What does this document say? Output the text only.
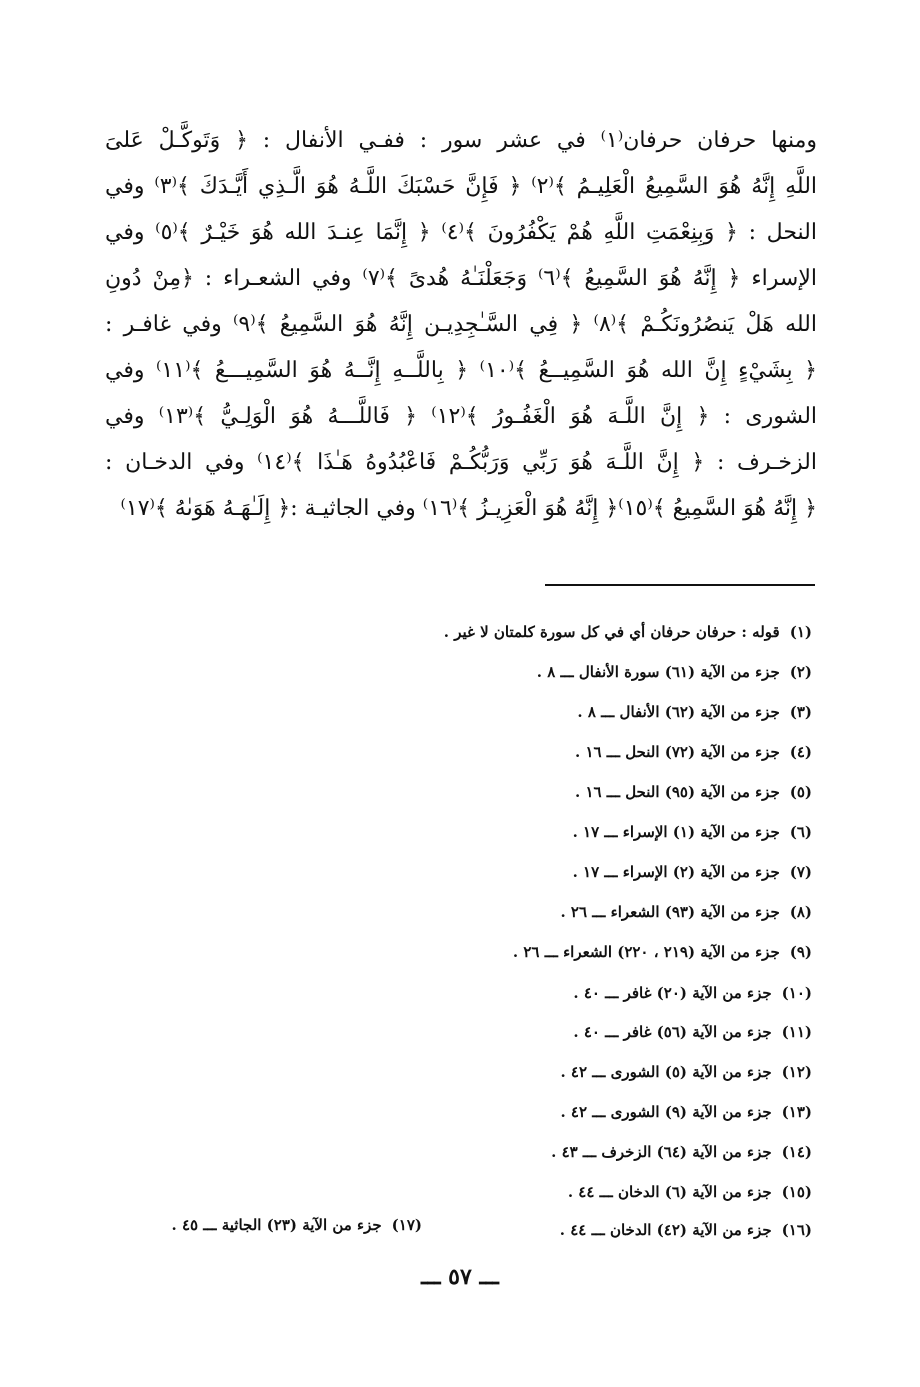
ومنها حرفان حرفان⁽١⁾ في عشر سور : ففـي الأنفال : ﴿ وَتَوكَّـلْ عَلىَ
اللَّهِ إِنَّهُ هُوَ السَّمِيعُ الْعَلِيـمُ ﴾⁽٢⁾ ﴿ فَإِنَّ حَسْبَكَ اللَّـهُ هُوَ الَّـذِي أَيَّـدَكَ ﴾⁽٣⁾ وفي
النحل : ﴿ وَبِنِعْمَتِ اللَّهِ هُمْ يَكْفُرُونَ ﴾⁽٤⁾ ﴿ إِنَّمَا عِنـدَ الله هُوَ خَيْـرٌ ﴾⁽٥⁾ وفي
الإسراء ﴿ إِنَّهُ هُوَ السَّمِيعُ ﴾⁽٦⁾ وَجَعَلْنَـٰهُ هُدىً ﴾⁽٧⁾ وفي الشعـراء : ﴿مِنْ دُونِ
الله هَلْ يَنصُرُونَكُـمْ ﴾⁽٨⁾ ﴿ فِي السَّـٰجِدِيـن إِنَّهُ هُوَ السَّمِيعُ ﴾⁽٩⁾ وفي غافـر :
﴿ بِشَيْءٍ إِنَّ الله هُوَ السَّمِيــعُ ﴾⁽١٠⁾ ﴿ بِاللَّــهِ إِنَّــهُ هُوَ السَّمِيـــعُ ﴾⁽١١⁾ وفي
الشورى : ﴿ إِنَّ اللَّـهَ هُوَ الْغَفُـورُ ﴾⁽١٢⁾ ﴿ فَاللَّـــهُ هُوَ الْوَلِـيُّ ﴾⁽١٣⁾ وفي
الزخـرف : ﴿ إِنَّ اللَّـهَ هُوَ رَبِّي وَرَبُّكُـمْ فَاعْبُدُوهُ هَـٰذَا ﴾⁽١٤⁾ وفي الدخـان :
﴿ إِنَّهُ هُوَ السَّمِيعُ ﴾⁽١٥⁾﴿ إِنَّهُ هُوَ الْعَزِيـزُ ﴾⁽١٦⁾ وفي الجاثيـة :﴿ إِلَـٰهَـهُ هَوَىٰهُ ﴾⁽١٧⁾
(١)قوله : حرفان حرفان أي في كل سورة كلمتان لا غير .
(٢)جزء من الآية (٦١) سورة الأنفال ـــ ٨ .
(٣)جزء من الآية (٦٢) الأنفال ـــ ٨ .
(٤)جزء من الآية (٧٢) النحل ـــ ١٦ .
(٥)جزء من الآية (٩٥) النحل ـــ ١٦ .
(٦)جزء من الآية (١) الإسراء ـــ ١٧ .
(٧)جزء من الآية (٢) الإسراء ـــ ١٧ .
(٨)جزء من الآية (٩٣) الشعراء ـــ ٢٦ .
(٩)جزء من الآية (٢١٩ ، ٢٢٠) الشعراء ـــ ٢٦ .
(١٠)جزء من الآية (٢٠) غافر ـــ ٤٠ .
(١١)جزء من الآية (٥٦) غافر ـــ ٤٠ .
(١٢)جزء من الآية (٥) الشورى ـــ ٤٢ .
(١٣)جزء من الآية (٩) الشورى ـــ ٤٢ .
(١٤)جزء من الآية (٦٤) الزخرف ـــ ٤٣ .
(١٥)جزء من الآية (٦) الدخان ـــ ٤٤ .
(١٦)جزء من الآية (٤٢) الدخان ـــ ٤٤ .
(١٧)جزء من الآية (٢٣) الجاثية ـــ ٤٥ .
ـــ ٥٧ ـــ
